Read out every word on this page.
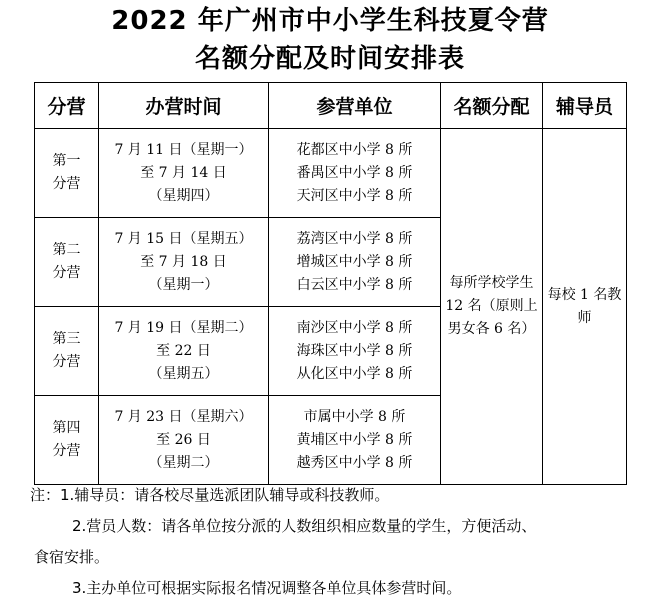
2022 年广州市中小学生科技夏令营
名额分配及时间安排表
分营	办营时间	参营单位	名额分配	辅导员

第一
分营	7 月 11 日（星期一）
至 7 月 14 日
（星期四）	花都区中小学 8 所
番禺区中小学 8 所
天河区中小学 8 所	每所学校学生
12 名（原则上
男女各 6 名）	每校 1 名教
师

第二
分营	7 月 15 日（星期五）
至 7 月 18 日
（星期一）	荔湾区中小学 8 所
增城区中小学 8 所
白云区中小学 8 所		

第三
分营	7 月 19 日（星期二）
至 22 日
（星期五）	南沙区中小学 8 所
海珠区中小学 8 所
从化区中小学 8 所		

第四
分营	7 月 23 日（星期六）
至 26 日
（星期二）	市属中小学 8 所
黄埔区中小学 8 所
越秀区中小学 8 所		
注：1.辅导员：请各校尽量选派团队辅导或科技教师。
2.营员人数：请各单位按分派的人数组织相应数量的学生，方便活动、
食宿安排。
3.主办单位可根据实际报名情况调整各单位具体参营时间。
